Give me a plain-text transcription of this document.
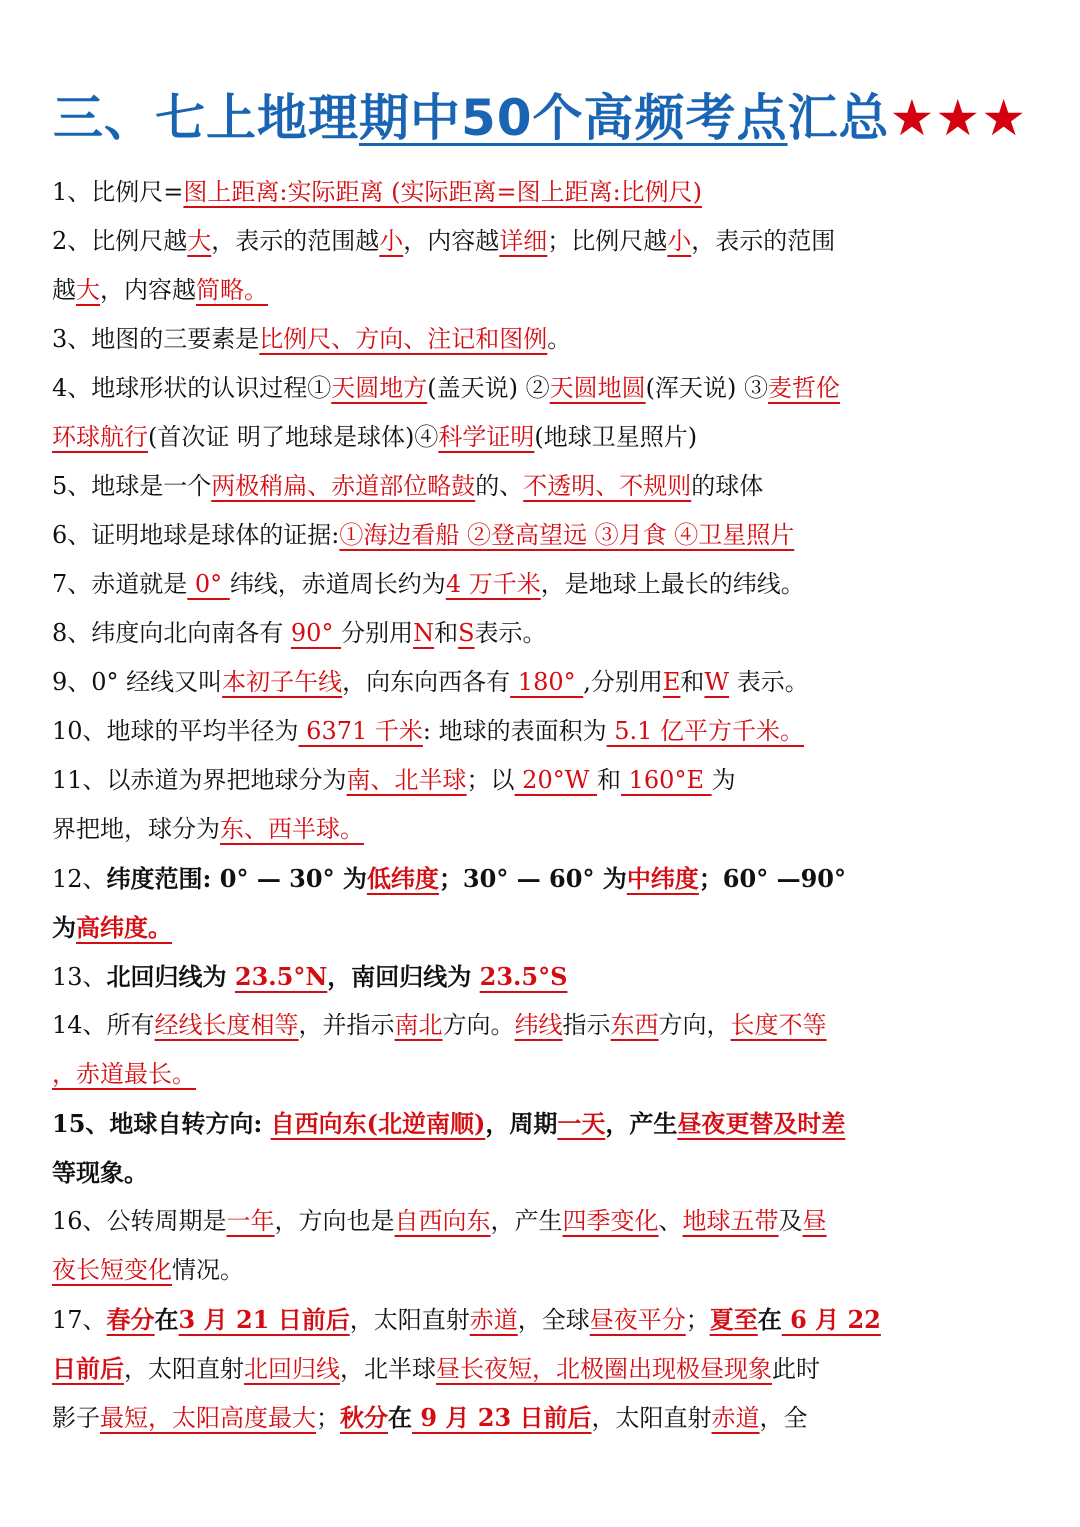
三、七上地理期中50个高频考点汇总★★★
1、比例尺=图上距离:实际距离 (实际距离=图上距离:比例尺)
2、比例尺越大，表示的范围越小，内容越详细；比例尺越小，表示的范围
越大，内容越简略。
3、地图的三要素是比例尺、方向、注记和图例。
4、地球形状的认识过程①天圆地方(盖天说) ②天圆地圆(浑天说) ③麦哲伦
环球航行(首次证 明了地球是球体)④科学证明(地球卫星照片)
5、地球是一个两极稍扁、赤道部位略鼓的、不透明、不规则的球体
6、证明地球是球体的证据:①海边看船 ②登高望远 ③月食 ④卫星照片
7、赤道就是 0° 纬线，赤道周长约为4 万千米，是地球上最长的纬线。
8、纬度向北向南各有 90° 分别用N和S表示。
9、0° 经线又叫本初子午线，向东向西各有 180° ,分别用E和W 表示。
10、地球的平均半径为 6371 千米: 地球的表面积为 5.1 亿平方千米。
11、以赤道为界把地球分为南、北半球；以 20°W 和 160°E 为
界把地，球分为东、西半球。
12、纬度范围: 0° — 30° 为低纬度；30° — 60° 为中纬度；60° —90°
为高纬度。
13、北回归线为 23.5°N，南回归线为 23.5°S
14、所有经线长度相等，并指示南北方向。纬线指示东西方向，长度不等
，赤道最长。
15、地球自转方向: 自西向东(北逆南顺)，周期一天，产生昼夜更替及时差
等现象。
16、公转周期是一年，方向也是自西向东，产生四季变化、地球五带及昼
夜长短变化情况。
17、春分在3 月 21 日前后，太阳直射赤道，全球昼夜平分；夏至在 6 月 22
日前后，太阳直射北回归线，北半球昼长夜短，北极圈出现极昼现象此时
影子最短，太阳高度最大；秋分在 9 月 23 日前后，太阳直射赤道，全
